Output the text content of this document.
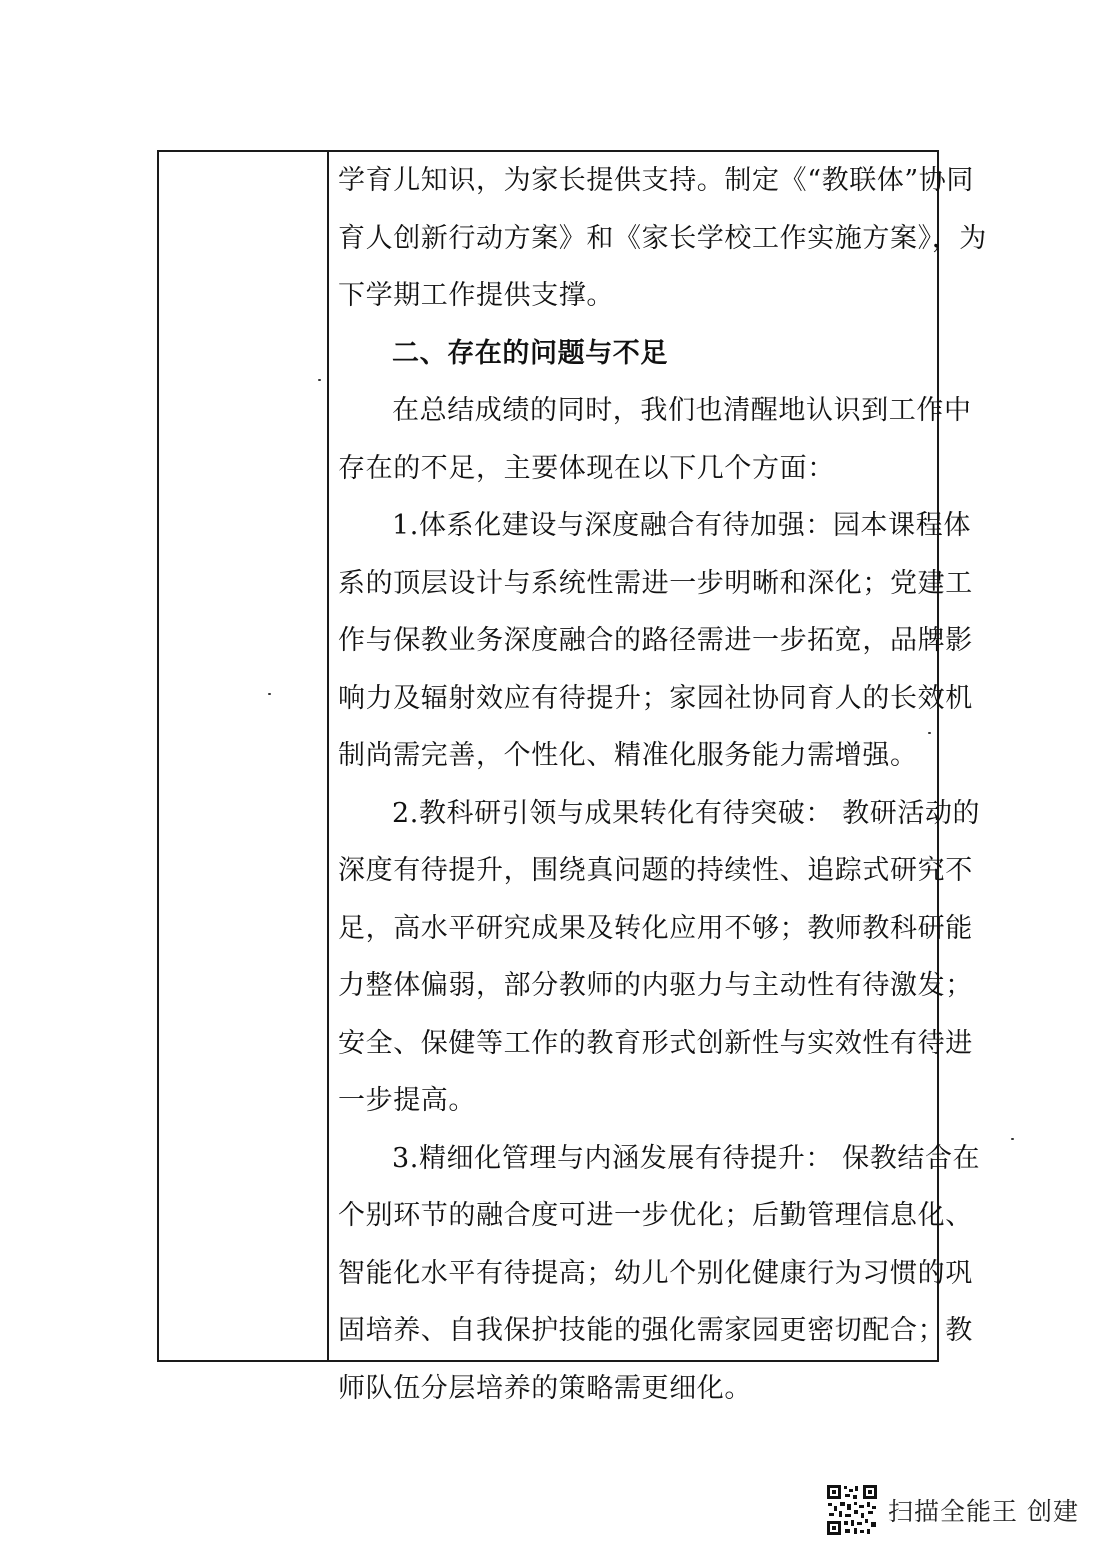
学育儿知识，为家长提供支持。制定《“教联体”协同
育人创新行动方案》和《家长学校工作实施方案》，为
下学期工作提供支撑。
二、存在的问题与不足
在总结成绩的同时，我们也清醒地认识到工作中
存在的不足，主要体现在以下几个方面：
1.体系化建设与深度融合有待加强：园本课程体
系的顶层设计与系统性需进一步明晰和深化；党建工
作与保教业务深度融合的路径需进一步拓宽，品牌影
响力及辐射效应有待提升；家园社协同育人的长效机
制尚需完善，个性化、精准化服务能力需增强。
2.教科研引领与成果转化有待突破： 教研活动的
深度有待提升，围绕真问题的持续性、追踪式研究不
足，高水平研究成果及转化应用不够；教师教科研能
力整体偏弱，部分教师的内驱力与主动性有待激发；
安全、保健等工作的教育形式创新性与实效性有待进
一步提高。
3.精细化管理与内涵发展有待提升： 保教结合在
个别环节的融合度可进一步优化；后勤管理信息化、
智能化水平有待提高；幼儿个别化健康行为习惯的巩
固培养、自我保护技能的强化需家园更密切配合；教
师队伍分层培养的策略需更细化。
扫描全能王 创建
